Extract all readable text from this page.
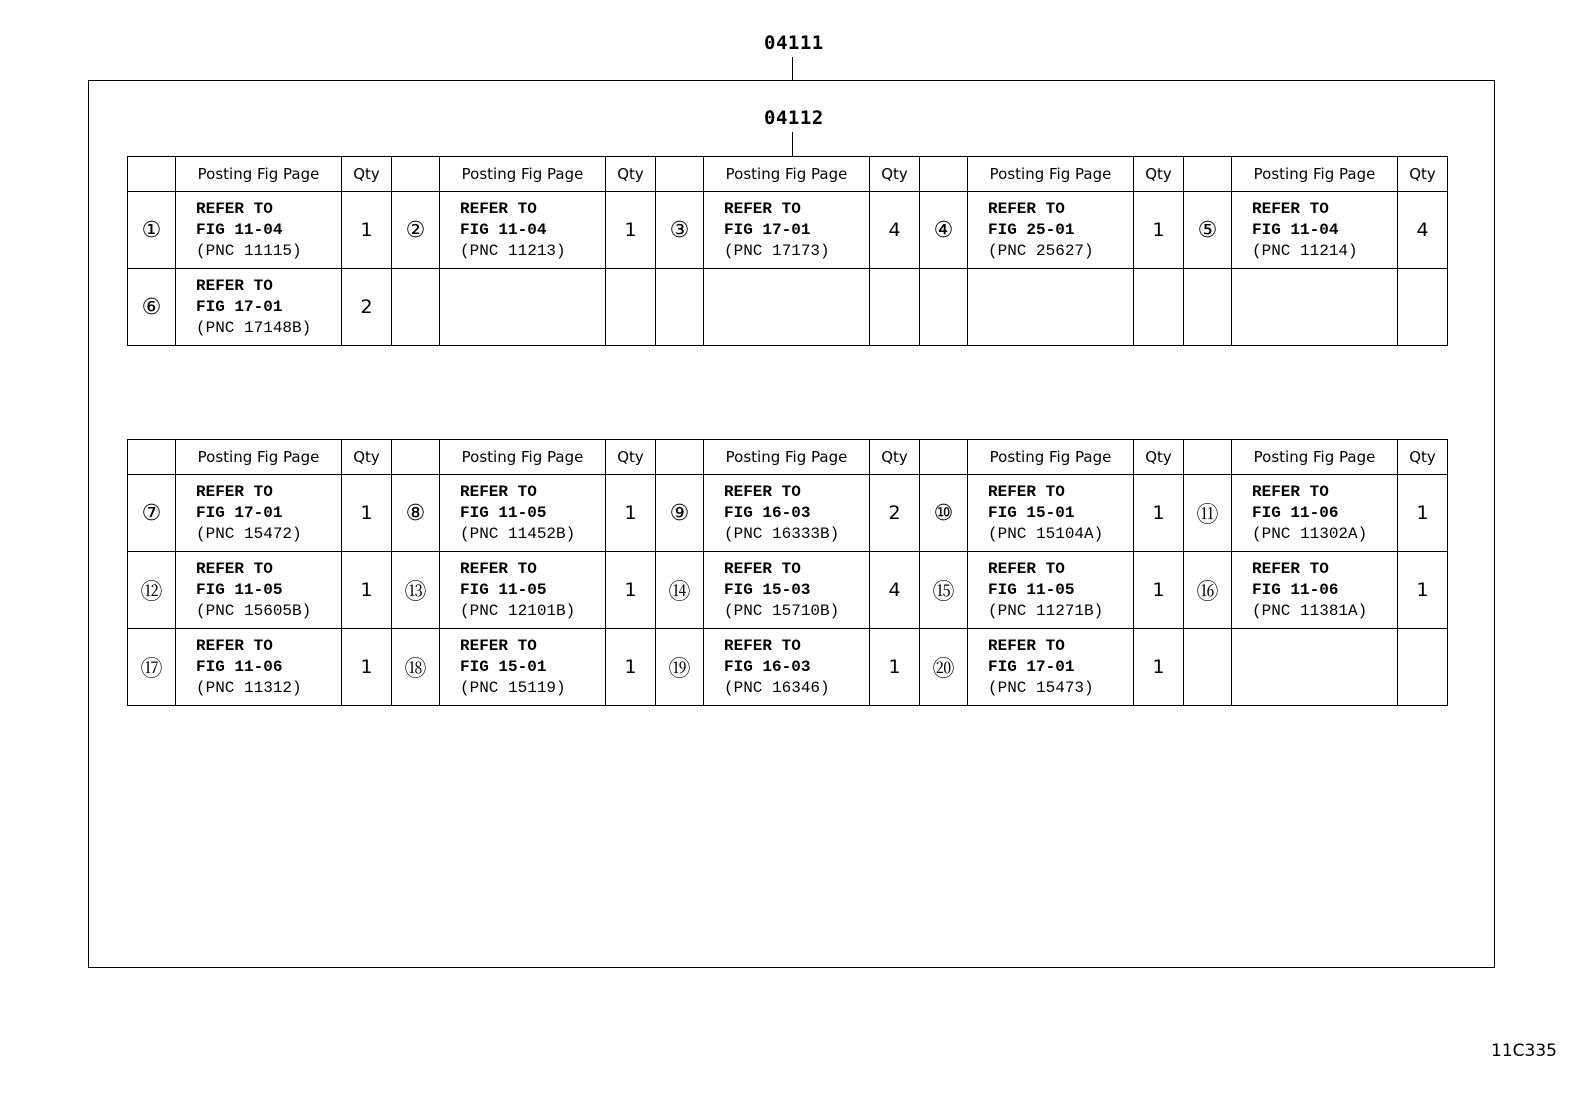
04111
04112
	Posting Fig Page	Qty		Posting Fig Page	Qty		Posting Fig Page	Qty		Posting Fig Page	Qty		Posting Fig Page	Qty
①	REFER TO
FIG 11-04
(PNC 11115)	1	②	REFER TO
FIG 11-04
(PNC 11213)	1	③	REFER TO
FIG 17-01
(PNC 17173)	4	④	REFER TO
FIG 25-01
(PNC 25627)	1	⑤	REFER TO
FIG 11-04
(PNC 11214)	4
⑥	REFER TO
FIG 17-01
(PNC 17148B)	2		

	Posting Fig Page	Qty		Posting Fig Page	Qty		Posting Fig Page	Qty		Posting Fig Page	Qty		Posting Fig Page	Qty
⑦	REFER TO
FIG 17-01
(PNC 15472)	1	⑧	REFER TO
FIG 11-05
(PNC 11452B)	1	⑨	REFER TO
FIG 16-03
(PNC 16333B)	2	⑩	REFER TO
FIG 15-01
(PNC 15104A)	1	⑪	REFER TO
FIG 11-06
(PNC 11302A)	1
⑫	REFER TO
FIG 11-05
(PNC 15605B)	1	⑬	REFER TO
FIG 11-05
(PNC 12101B)	1	⑭	REFER TO
FIG 15-03
(PNC 15710B)	4	⑮	REFER TO
FIG 11-05
(PNC 11271B)	1	⑯	REFER TO
FIG 11-06
(PNC 11381A)	1
⑰	REFER TO
FIG 11-06
(PNC 11312)	1	⑱	REFER TO
FIG 15-01
(PNC 15119)	1	⑲	REFER TO
FIG 16-03
(PNC 16346)	1	⑳	REFER TO
FIG 17-01
(PNC 15473)	1		

11C335
